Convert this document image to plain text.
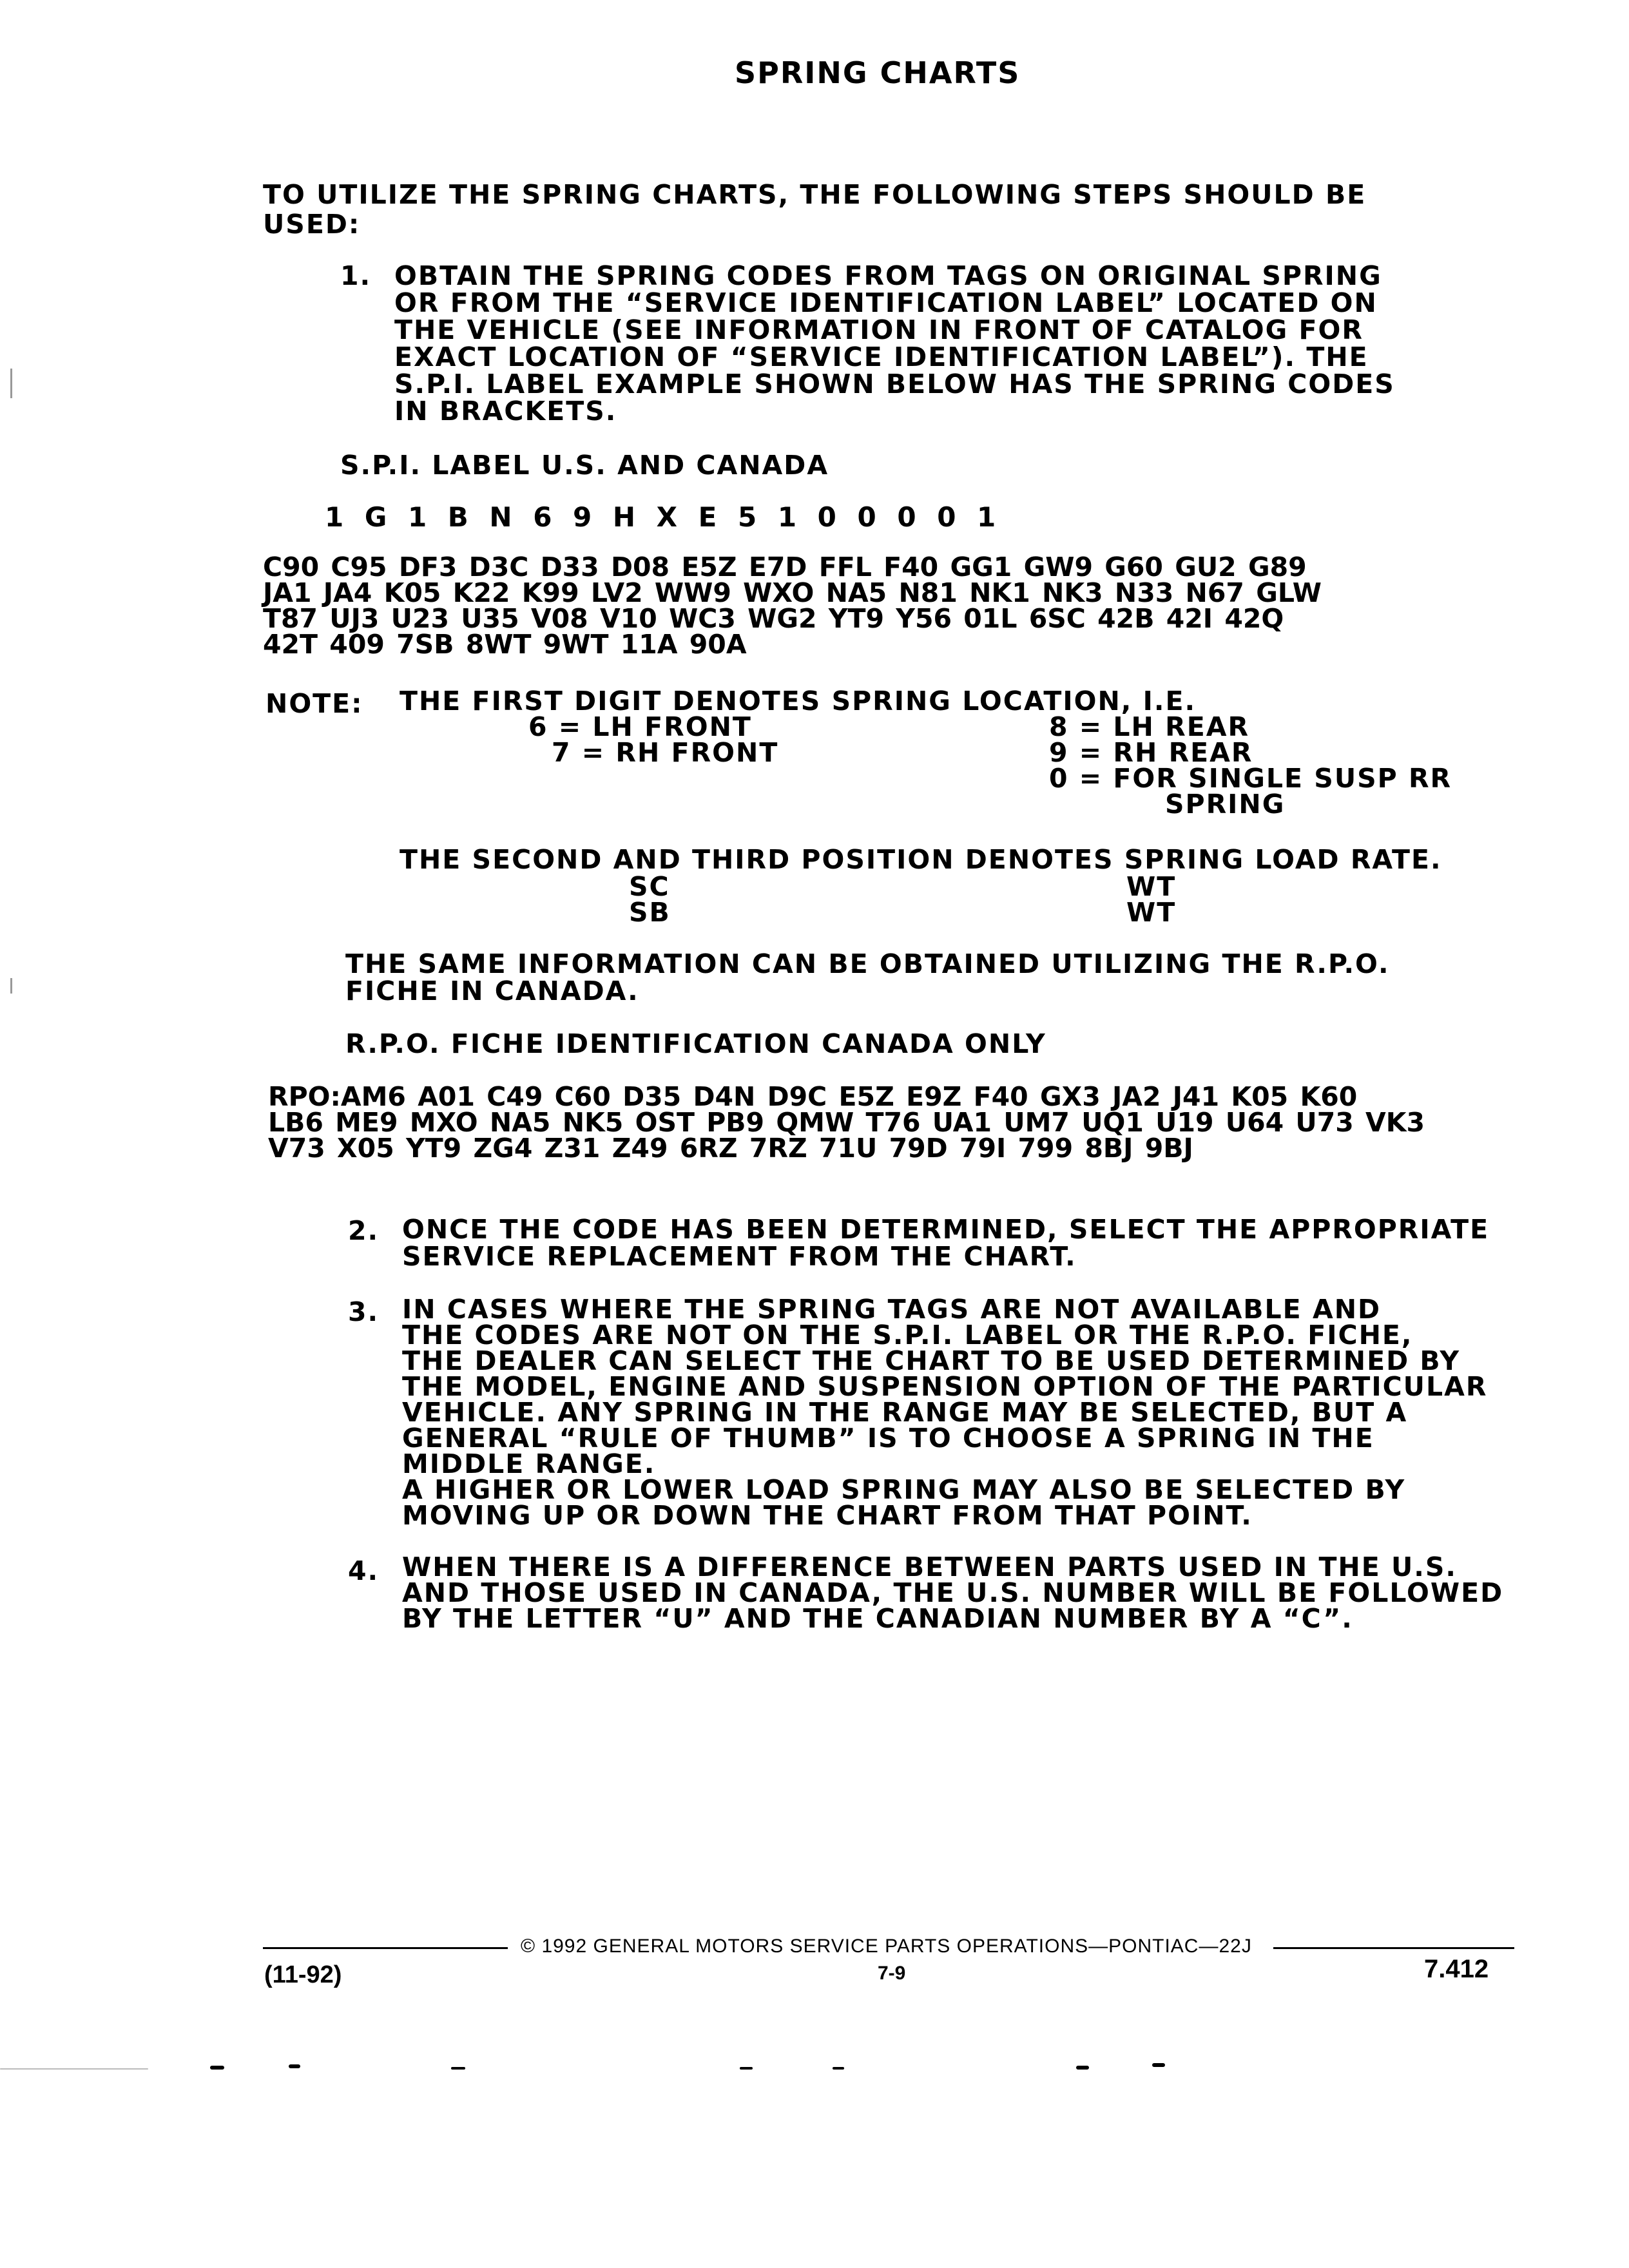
SPRING CHARTS
TO UTILIZE THE SPRING CHARTS, THE FOLLOWING STEPS SHOULD BE
USED:
1. OBTAIN THE SPRING CODES FROM TAGS ON ORIGINAL SPRING
OR FROM THE “SERVICE IDENTIFICATION LABEL” LOCATED ON
THE VEHICLE (SEE INFORMATION IN FRONT OF CATALOG FOR
EXACT LOCATION OF “SERVICE IDENTIFICATION LABEL”). THE
S.P.I. LABEL EXAMPLE SHOWN BELOW HAS THE SPRING CODES
IN BRACKETS.
S.P.I. LABEL U.S. AND CANADA
1 G 1 B N 6 9 H X E 5 1 0 0 0 0 1
C90 C95 DF3 D3C D33 D08 E5Z E7D FFL F40 GG1 GW9 G60 GU2 G89
JA1 JA4 K05 K22 K99 LV2 WW9 WXO NA5 N81 NK1 NK3 N33 N67 GLW
T87 UJ3 U23 U35 V08 V10 WC3 WG2 YT9 Y56 01L 6SC 42B 42I 42Q
42T 409 7SB 8WT 9WT 11A 90A
NOTE: THE FIRST DIGIT DENOTES SPRING LOCATION, I.E.
6 = LH FRONT
7 = RH FRONT
8 = LH REAR
9 = RH REAR
0 = FOR SINGLE SUSP RR
SPRING
THE SECOND AND THIRD POSITION DENOTES SPRING LOAD RATE.
SC
SB
WT
WT
THE SAME INFORMATION CAN BE OBTAINED UTILIZING THE R.P.O.
FICHE IN CANADA.
R.P.O. FICHE IDENTIFICATION CANADA ONLY
RPO:AM6 A01 C49 C60 D35 D4N D9C E5Z E9Z F40 GX3 JA2 J41 K05 K60
LB6 ME9 MXO NA5 NK5 OST PB9 QMW T76 UA1 UM7 UQ1 U19 U64 U73 VK3
V73 X05 YT9 ZG4 Z31 Z49 6RZ 7RZ 71U 79D 79I 799 8BJ 9BJ
2. ONCE THE CODE HAS BEEN DETERMINED, SELECT THE APPROPRIATE
SERVICE REPLACEMENT FROM THE CHART.
3. IN CASES WHERE THE SPRING TAGS ARE NOT AVAILABLE AND
THE CODES ARE NOT ON THE S.P.I. LABEL OR THE R.P.O. FICHE,
THE DEALER CAN SELECT THE CHART TO BE USED DETERMINED BY
THE MODEL, ENGINE AND SUSPENSION OPTION OF THE PARTICULAR
VEHICLE. ANY SPRING IN THE RANGE MAY BE SELECTED, BUT A
GENERAL “RULE OF THUMB” IS TO CHOOSE A SPRING IN THE
MIDDLE RANGE.
A HIGHER OR LOWER LOAD SPRING MAY ALSO BE SELECTED BY
MOVING UP OR DOWN THE CHART FROM THAT POINT.
4. WHEN THERE IS A DIFFERENCE BETWEEN PARTS USED IN THE U.S.
AND THOSE USED IN CANADA, THE U.S. NUMBER WILL BE FOLLOWED
BY THE LETTER “U” AND THE CANADIAN NUMBER BY A “C”.
© 1992 GENERAL MOTORS SERVICE PARTS OPERATIONS—PONTIAC—22J
(11-92)	7-9	7.412
